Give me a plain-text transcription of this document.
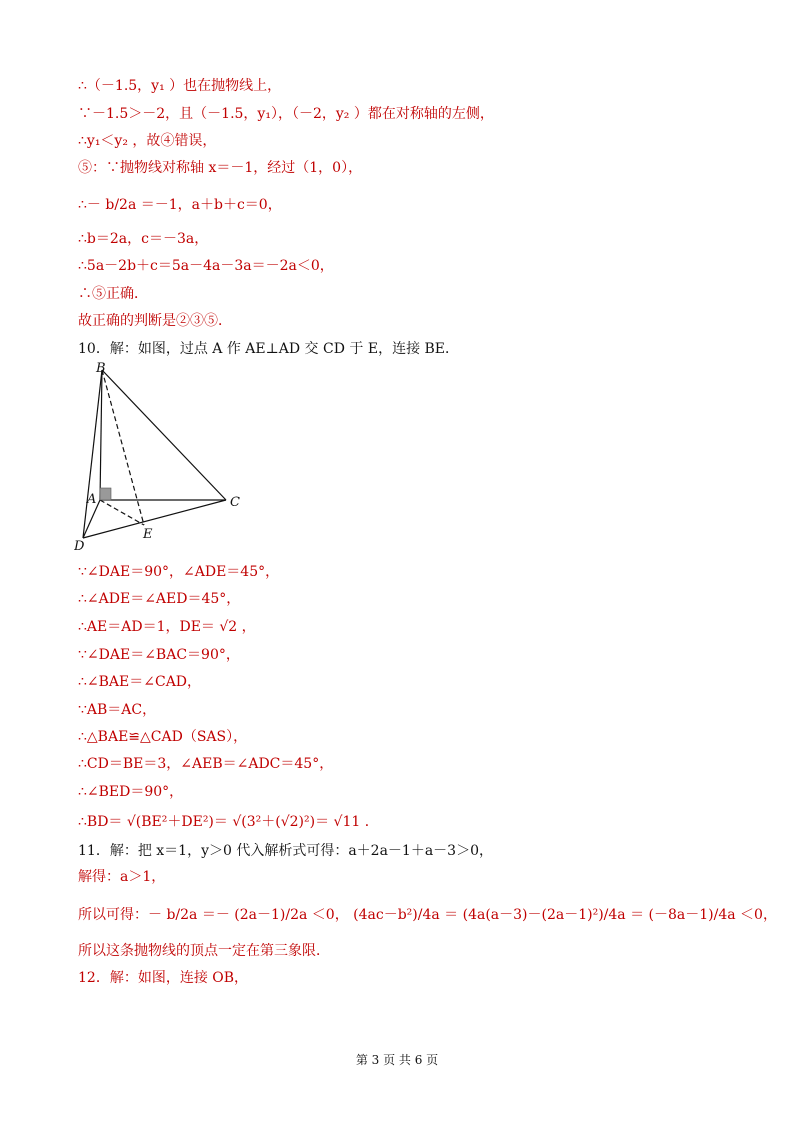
∴（－1.5，y₁ ）也在抛物线上，
∵－1.5＞－2，且（－1.5，y₁），（－2，y₂ ）都在对称轴的左侧，
∴y₁＜y₂ ，故④错误，
⑤：∵抛物线对称轴 x＝－1，经过（1，0），
∴－ b/2a ＝－1，a＋b＋c＝0，
∴b＝2a，c＝－3a，
∴5a－2b＋c＝5a－4a－3a＝－2a＜0，
∴⑤正确．
故正确的判断是②③⑤．
10．解：如图，过点 A 作 AE⊥AD 交 CD 于 E，连接 BE．
B
A	C
D
E
∵∠DAE＝90°，∠ADE＝45°，
∴∠ADE＝∠AED＝45°，
∴AE＝AD＝1，DE＝ √2 ，
∵∠DAE＝∠BAC＝90°，
∴∠BAE＝∠CAD，
∵AB＝AC，
∴△BAE≌△CAD（SAS），
∴CD＝BE＝3，∠AEB＝∠ADC＝45°，
∴∠BED＝90°，
∴BD＝ √(BE²＋DE²)＝ √(3²＋(√2)²)＝ √11 ．
11．解：把 x＝1，y＞0 代入解析式可得：a＋2a－1＋a－3＞0，
解得：a＞1，
所以可得：－ b/2a ＝－ (2a－1)/2a ＜0， (4ac－b²)/4a ＝ (4a(a－3)－(2a－1)²)/4a ＝ (－8a－1)/4a ＜0，
所以这条抛物线的顶点一定在第三象限．
12．解：如图，连接 OB，
第 3 页 共 6 页
